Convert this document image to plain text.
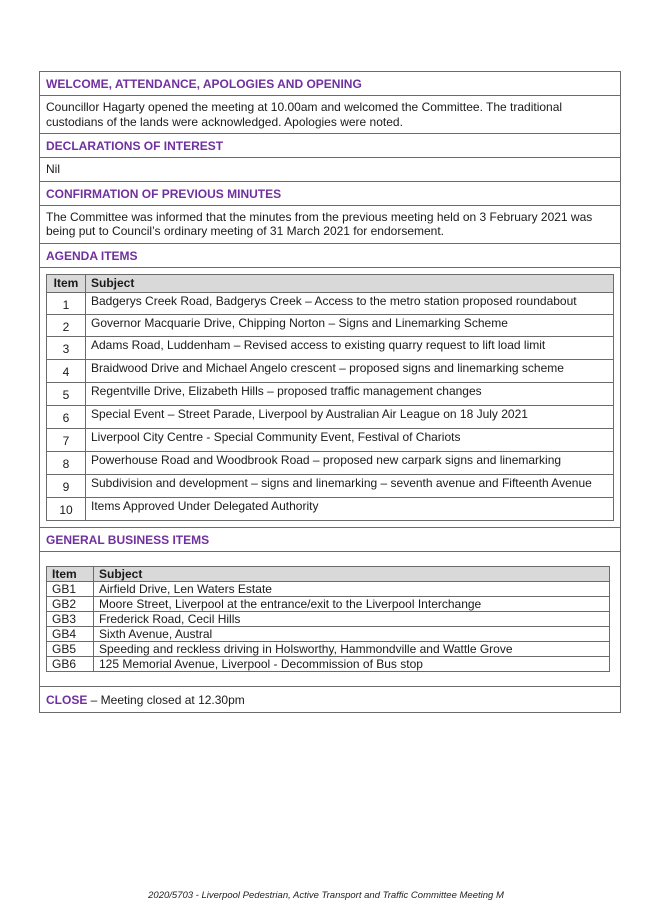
WELCOME, ATTENDANCE, APOLOGIES AND OPENING
Councillor Hagarty opened the meeting at 10.00am and welcomed the Committee. The traditional custodians of the lands were acknowledged. Apologies were noted.
DECLARATIONS OF INTEREST
Nil
CONFIRMATION OF PREVIOUS MINUTES
The Committee was informed that the minutes from the previous meeting held on 3 February 2021 was being put to Council’s ordinary meeting of 31 March 2021 for endorsement.
AGENDA ITEMS
Item	Subject
1	Badgerys Creek Road, Badgerys Creek – Access to the metro station proposed roundabout
2	Governor Macquarie Drive, Chipping Norton – Signs and Linemarking Scheme
3	Adams Road, Luddenham – Revised access to existing quarry request to lift load limit
4	Braidwood Drive and Michael Angelo crescent – proposed signs and linemarking scheme
5	Regentville Drive, Elizabeth Hills – proposed traffic management changes
6	Special Event – Street Parade, Liverpool by Australian Air League on 18 July 2021
7	Liverpool City Centre - Special Community Event, Festival of Chariots
8	Powerhouse Road and Woodbrook Road – proposed new carpark signs and linemarking
9	Subdivision and development – signs and linemarking – seventh avenue and Fifteenth Avenue
10	Items Approved Under Delegated Authority
GENERAL BUSINESS ITEMS
Item	Subject
GB1	Airfield Drive, Len Waters Estate
GB2	Moore Street, Liverpool at the entrance/exit to the Liverpool Interchange
GB3	Frederick Road, Cecil Hills
GB4	Sixth Avenue, Austral
GB5	Speeding and reckless driving in Holsworthy, Hammondville and Wattle Grove
GB6	125 Memorial Avenue, Liverpool - Decommission of Bus stop
CLOSE – Meeting closed at 12.30pm
2020/5703 - Liverpool Pedestrian, Active Transport and Traffic Committee Meeting M
